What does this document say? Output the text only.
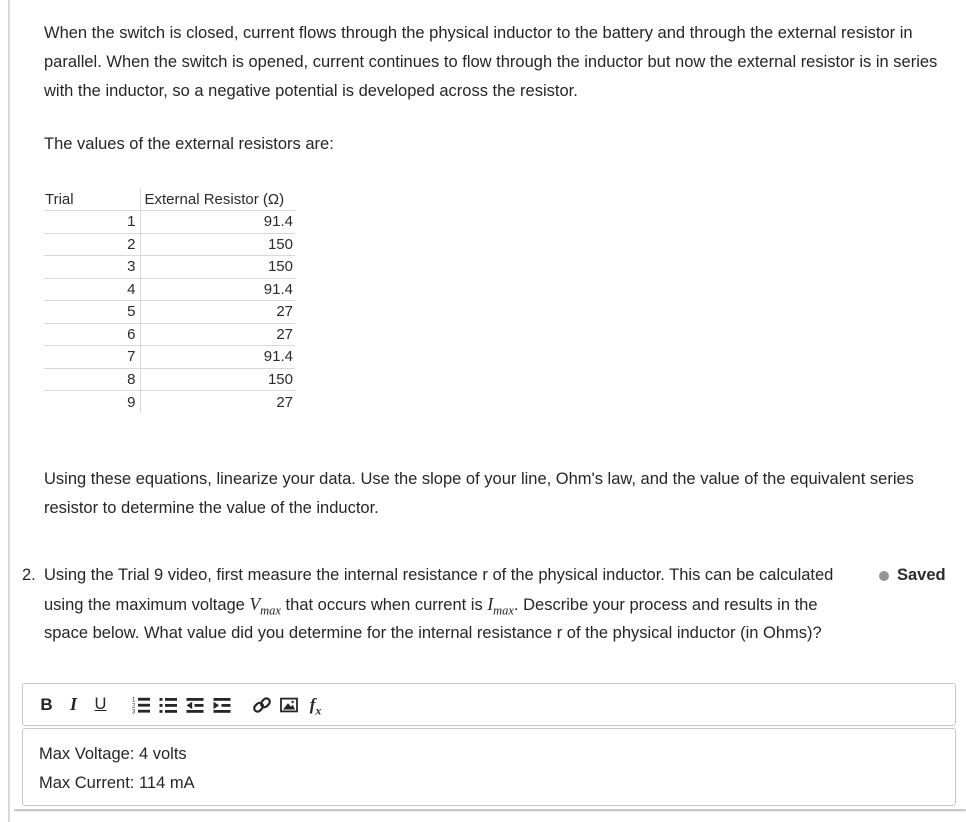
When the switch is closed, current flows through the physical inductor to the battery and through the external resistor in parallel. When the switch is opened, current continues to flow through the inductor but now the external resistor is in series with the inductor, so a negative potential is developed across the resistor.

The values of the external resistors are:

Trial	External Resistor (Ω)
1	91.4
2	150
3	150
4	91.4
5	27
6	27
7	91.4
8	150
9	27

Using these equations, linearize your data. Use the slope of your line, Ohm's law, and the value of the equivalent series resistor to determine the value of the inductor.

2. Using the Trial 9 video, first measure the internal resistance r of the physical inductor. This can be calculated using the maximum voltage $V_{max}$ that occurs when current is $I_{max}$. Describe your process and results in the space below. What value did you determine for the internal resistance r of the physical inductor (in Ohms)?
Saved
B I U	1
2
3	$f_x$

Max Voltage: 4 volts

Max Current: 114 mA
